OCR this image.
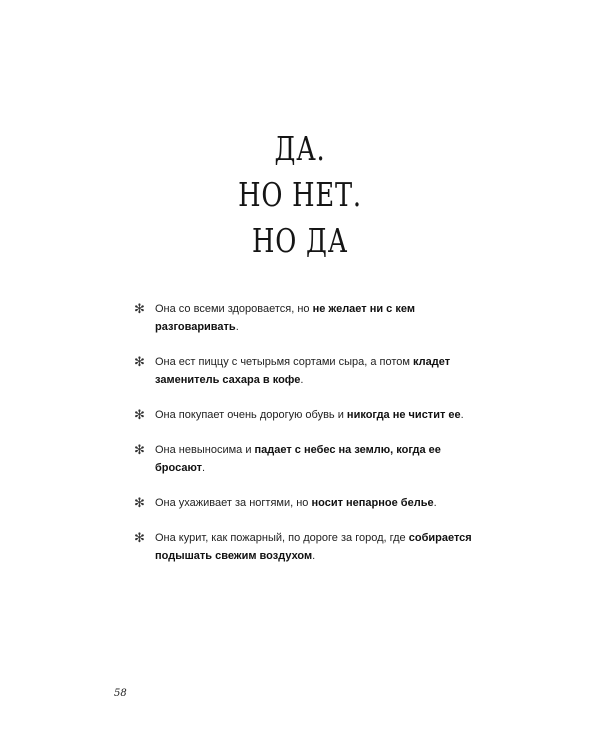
ДА.
НО НЕТ.
НО ДА
✻ Она со всеми здоровается, но не желает ни с кем разговаривать.
✻ Она ест пиццу с четырьмя сортами сыра, а потом кладет заменитель сахара в кофе.
✻ Она покупает очень дорогую обувь и никогда не чистит ее.
✻ Она невыносима и падает с небес на землю, когда ее бросают.
✻ Она ухаживает за ногтями, но носит непарное белье.
✻ Она курит, как пожарный, по дороге за город, где собирается подышать свежим воздухом.
58
